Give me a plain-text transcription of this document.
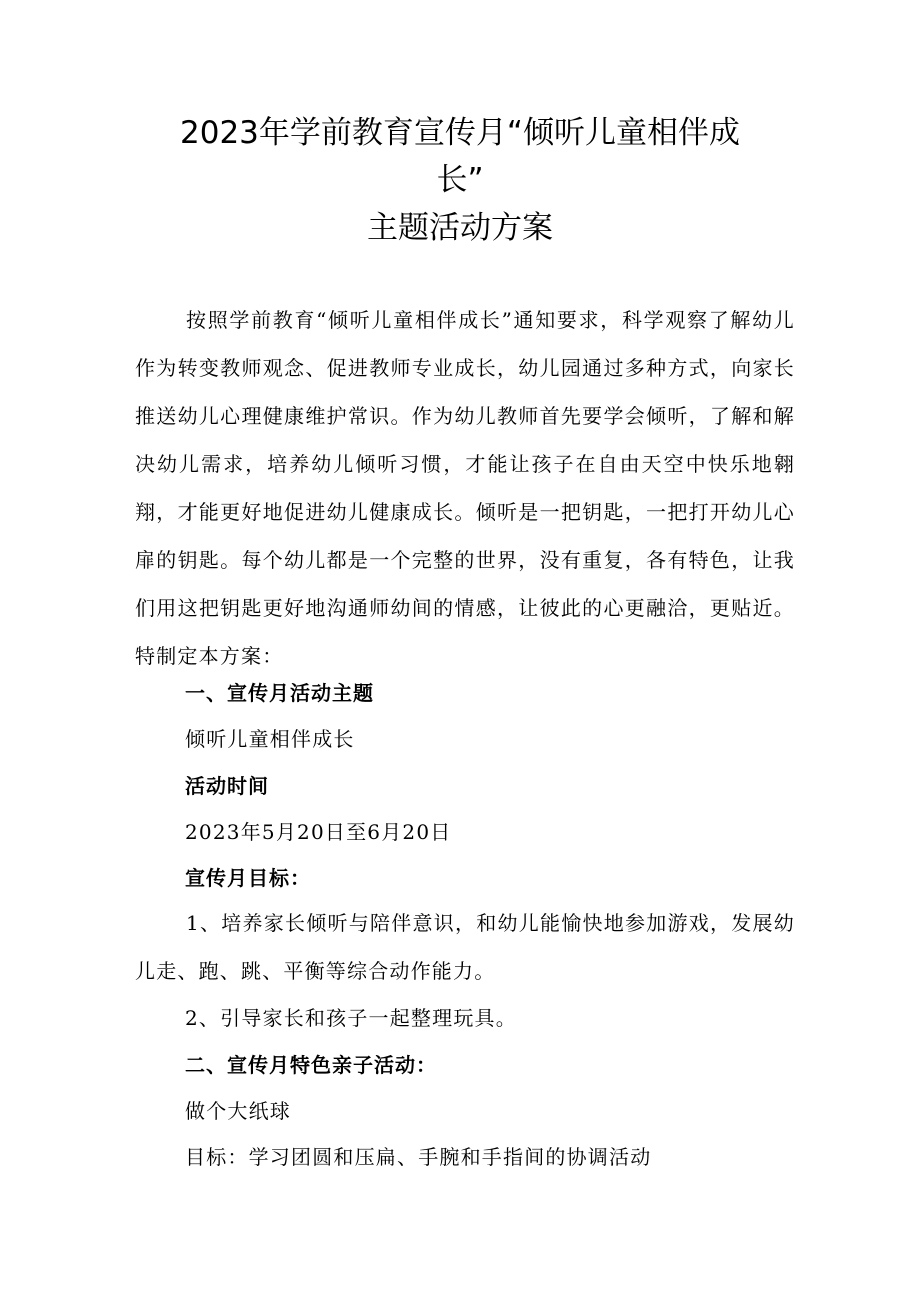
2023年学前教育宣传月“倾听儿童相伴成
长”
主题活动方案
按照学前教育“倾听儿童相伴成长”通知要求，科学观察了解幼儿作为转变教师观念、促进教师专业成长，幼儿园通过多种方式，向家长推送幼儿心理健康维护常识。作为幼儿教师首先要学会倾听，了解和解决幼儿需求，培养幼儿倾听习惯，才能让孩子在自由天空中快乐地翱翔，才能更好地促进幼儿健康成长。倾听是一把钥匙，一把打开幼儿心扉的钥匙。每个幼儿都是一个完整的世界，没有重复，各有特色，让我们用这把钥匙更好地沟通师幼间的情感，让彼此的心更融洽，更贴近。特制定本方案：
一、宣传月活动主题
倾听儿童相伴成长
活动时间
2023年5月20日至6月20日
宣传月目标：
1、培养家长倾听与陪伴意识，和幼儿能愉快地参加游戏，发展幼儿走、跑、跳、平衡等综合动作能力。
2、引导家长和孩子一起整理玩具。
二、宣传月特色亲子活动：
做个大纸球
目标：学习团圆和压扁、手腕和手指间的协调活动
